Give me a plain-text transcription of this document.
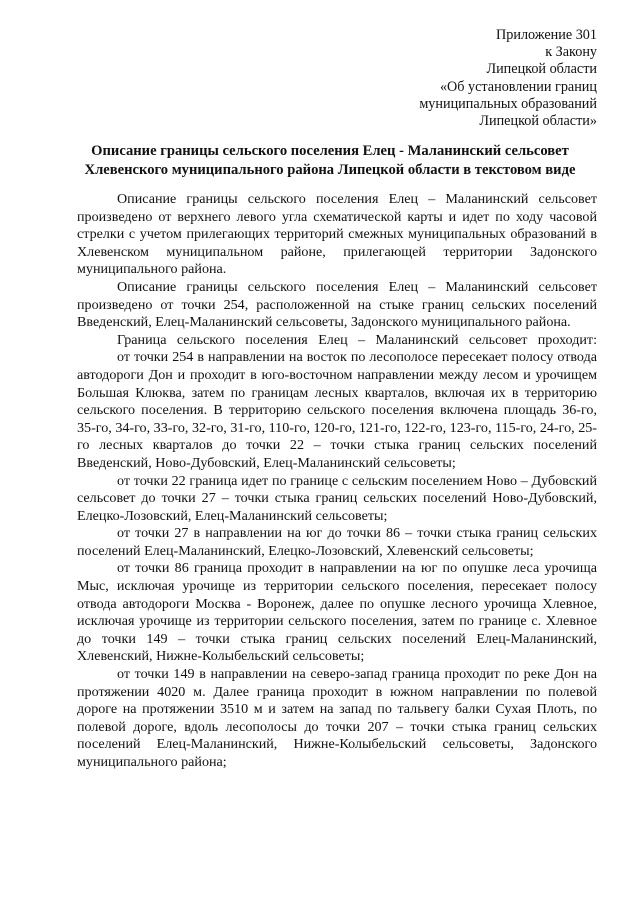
Приложение 301
к Закону
Липецкой области
«Об установлении границ
муниципальных образований
Липецкой области»
Описание границы сельского поселения Елец - Маланинский сельсовет
Хлевенского муниципального района Липецкой области в текстовом виде

Описание границы сельского поселения Елец – Маланинский сельсовет произведено от верхнего левого угла схематической карты и идет по ходу часовой стрелки с учетом прилегающих территорий смежных муниципальных образований в Хлевенском муниципальном районе, прилегающей территории Задонского муниципального района.

Описание границы сельского поселения Елец – Маланинский сельсовет произведено от точки 254, расположенной на стыке границ сельских поселений Введенский, Елец-Маланинский сельсоветы, Задонского муниципального района.

Граница сельского поселения Елец – Маланинский сельсовет проходит:

от точки 254 в направлении на восток по лесополосе пересекает полосу отвода автодороги Дон и проходит в юго-восточном направлении между лесом и урочищем Большая Клюква, затем по границам лесных кварталов, включая их в территорию сельского поселения. В территорию сельского поселения включена площадь 36-го, 35-го, 34-го, 33-го, 32-го, 31-го, 110-го, 120-го, 121-го, 122-го, 123-го, 115-го, 24-го, 25-го лесных кварталов до точки 22 – точки стыка границ сельских поселений Введенский, Ново-Дубовский, Елец-Маланинский сельсоветы;

от точки 22 граница идет по границе с сельским поселением Ново – Дубовский сельсовет до точки 27 – точки стыка границ сельских поселений Ново-Дубовский, Елецко-Лозовский, Елец-Маланинский сельсоветы;

от точки 27 в направлении на юг до точки 86 – точки стыка границ сельских поселений Елец-Маланинский, Елецко-Лозовский, Хлевенский сельсоветы;

от точки 86 граница проходит в направлении на юг по опушке леса урочища Мыс, исключая урочище из территории сельского поселения, пересекает полосу отвода автодороги Москва - Воронеж, далее по опушке лесного урочища Хлевное, исключая урочище из территории сельского поселения, затем по границе с. Хлевное до точки 149 – точки стыка границ сельских поселений Елец-Маланинский, Хлевенский, Нижне-Колыбельский сельсоветы;

от точки 149 в направлении на северо-запад граница проходит по реке Дон на протяжении 4020 м. Далее граница проходит в южном направлении по полевой дороге на протяжении 3510 м и затем на запад по тальвегу балки Сухая Плоть, по полевой дороге, вдоль лесополосы до точки 207 – точки стыка границ сельских поселений Елец-Маланинский, Нижне-Колыбельский сельсоветы, Задонского муниципального района;
